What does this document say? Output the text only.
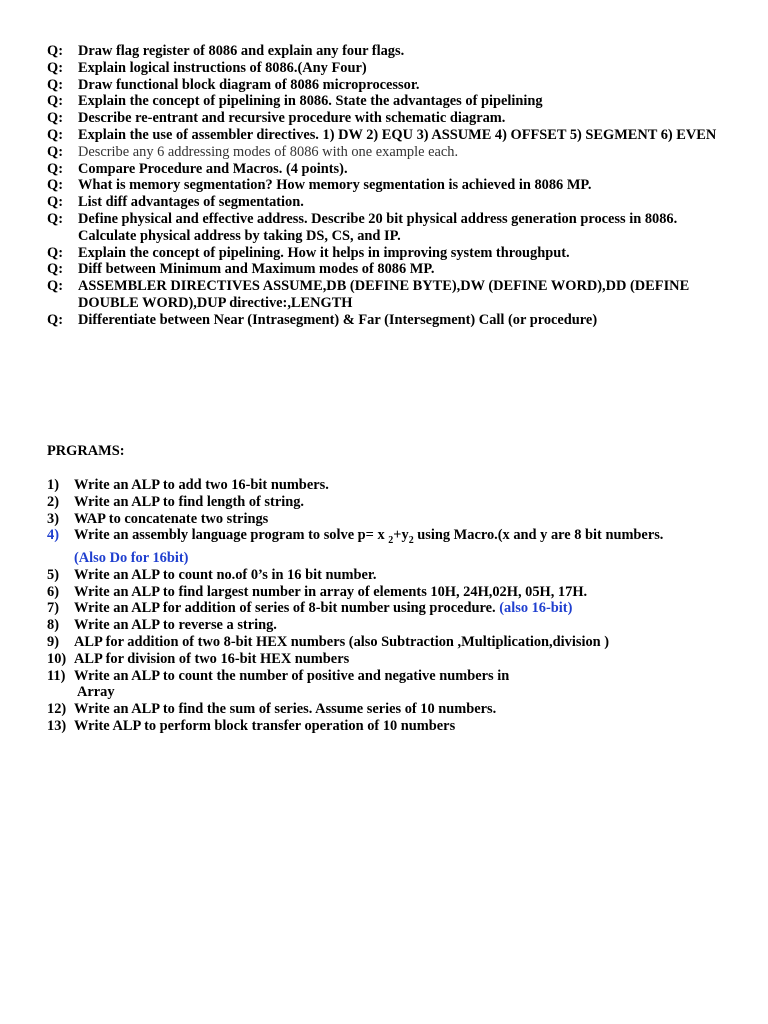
Q:	Draw flag register of 8086 and explain any four flags.

Q:	Explain logical instructions of 8086.(Any Four)

Q:	Draw functional block diagram of 8086 microprocessor.

Q:	Explain the concept of pipelining in 8086. State the advantages of pipelining

Q:	Describe re-entrant and recursive procedure with schematic diagram.

Q:	Explain the use of assembler directives. 1) DW 2) EQU 3) ASSUME 4) OFFSET 5) SEGMENT 6) EVEN

Q:	Describe any 6 addressing modes of 8086 with one example each.

Q:	Compare Procedure and Macros. (4 points).

Q:	What is memory segmentation? How memory segmentation is achieved in 8086 MP.

Q:	List diff advantages of segmentation.

Q:	Define physical and effective address. Describe 20 bit physical address generation process in 8086. Calculate physical address by taking DS, CS, and IP.

Q:	Explain the concept of pipelining. How it helps in improving system throughput.

Q:	Diff between Minimum and Maximum modes of 8086 MP.

Q:	ASSEMBLER DIRECTIVES ASSUME,DB (DEFINE BYTE),DW (DEFINE WORD),DD (DEFINE DOUBLE WORD),DUP directive:,LENGTH

Q:	Differentiate between Near (Intrasegment) & Far (Intersegment) Call (or procedure)

PRGRAMS:
1)	Write an ALP to add two 16-bit numbers.
2)	Write an ALP to find length of string.
3)	WAP to concatenate two strings
4)	Write an assembly language program to solve p= x $_2+y_2$ using Macro.(x and y are 8 bit numbers.
(Also Do for 16bit)
5)	Write an ALP to count no.of 0’s in 16 bit number.
6)	Write an ALP to find largest number in array of elements 10H, 24H,02H, 05H, 17H.
7)	Write an ALP for addition of series of 8-bit number using procedure. (also 16-bit)
8)	Write an ALP to reverse a string.
9)	ALP for addition of two 8-bit HEX numbers (also Subtraction ,Multiplication,division )
10) ALP for division of two 16-bit HEX numbers
11) Write an ALP to count the number of positive and negative numbers in
Array
12) Write an ALP to find the sum of series. Assume series of 10 numbers.
13) Write ALP to perform block transfer operation of 10 numbers
